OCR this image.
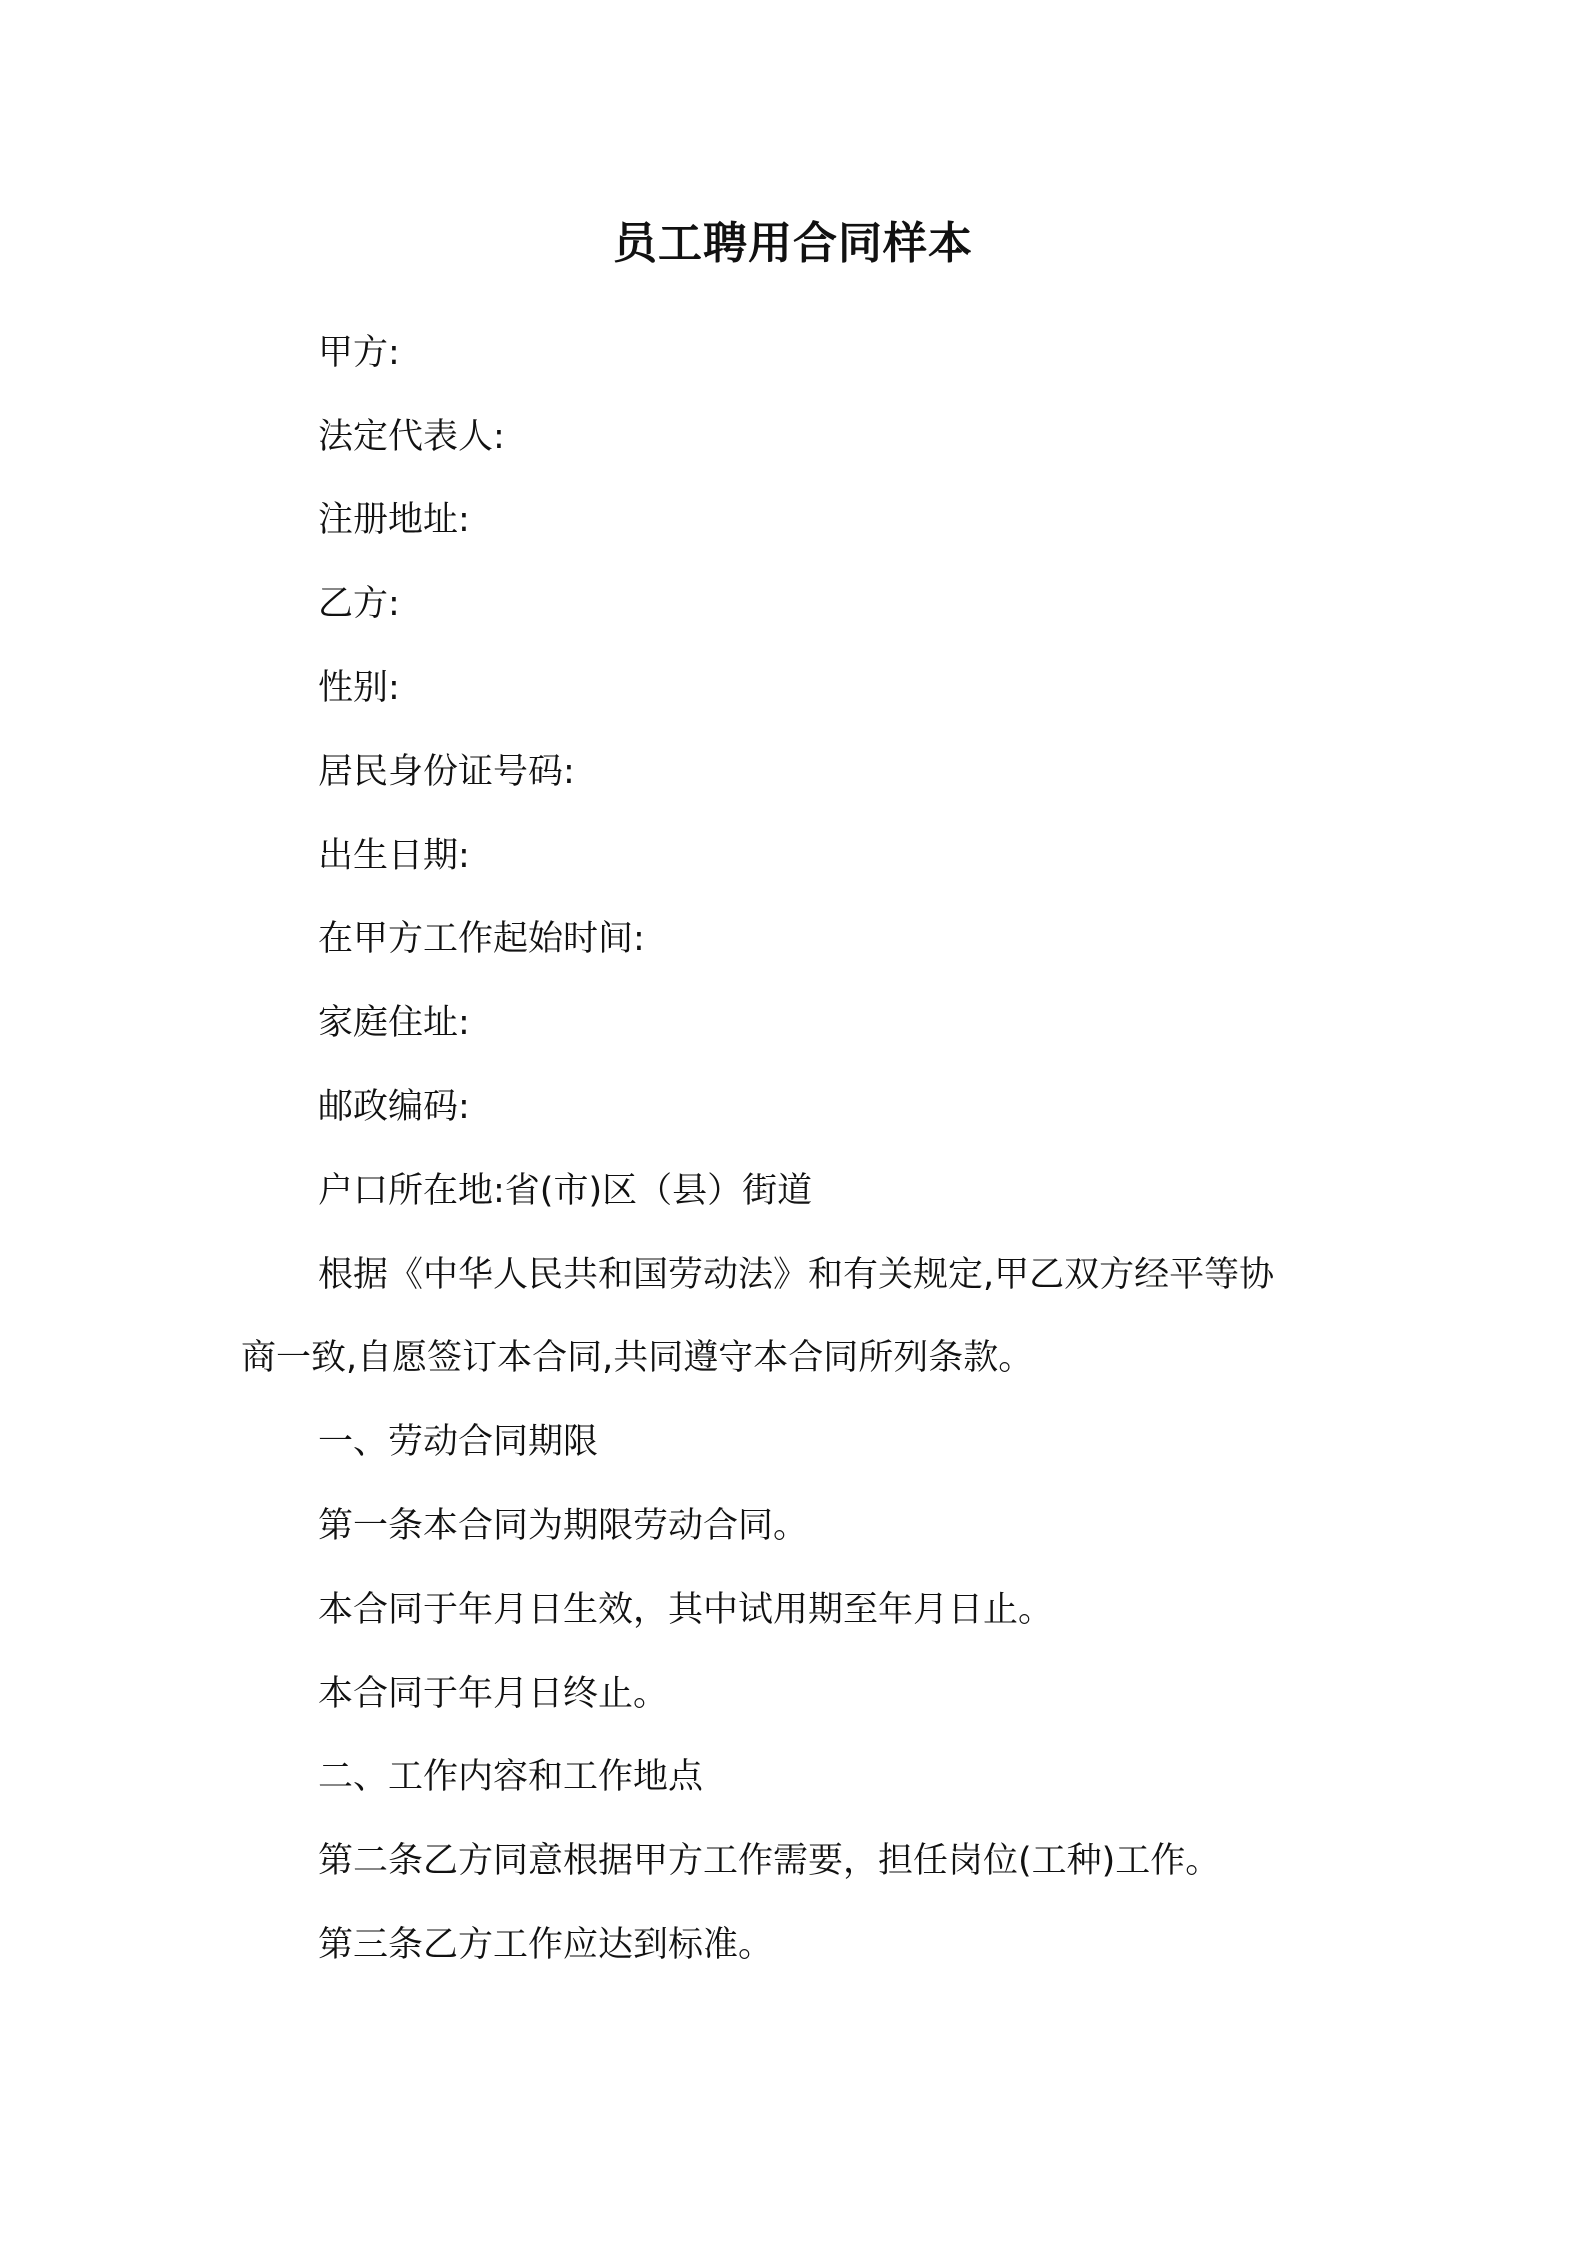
员工聘用合同样本
甲方:
法定代表人:
注册地址:
乙方:
性别:
居民身份证号码:
出生日期:
在甲方工作起始时间:
家庭住址:
邮政编码:
户口所在地:省(市)区（县）街道
根据《中华人民共和国劳动法》和有关规定,甲乙双方经平等协
商一致,自愿签订本合同,共同遵守本合同所列条款。
一、劳动合同期限
第一条本合同为期限劳动合同。
本合同于年月日生效，其中试用期至年月日止。
本合同于年月日终止。
二、工作内容和工作地点
第二条乙方同意根据甲方工作需要，担任岗位(工种)工作。
第三条乙方工作应达到标准。
